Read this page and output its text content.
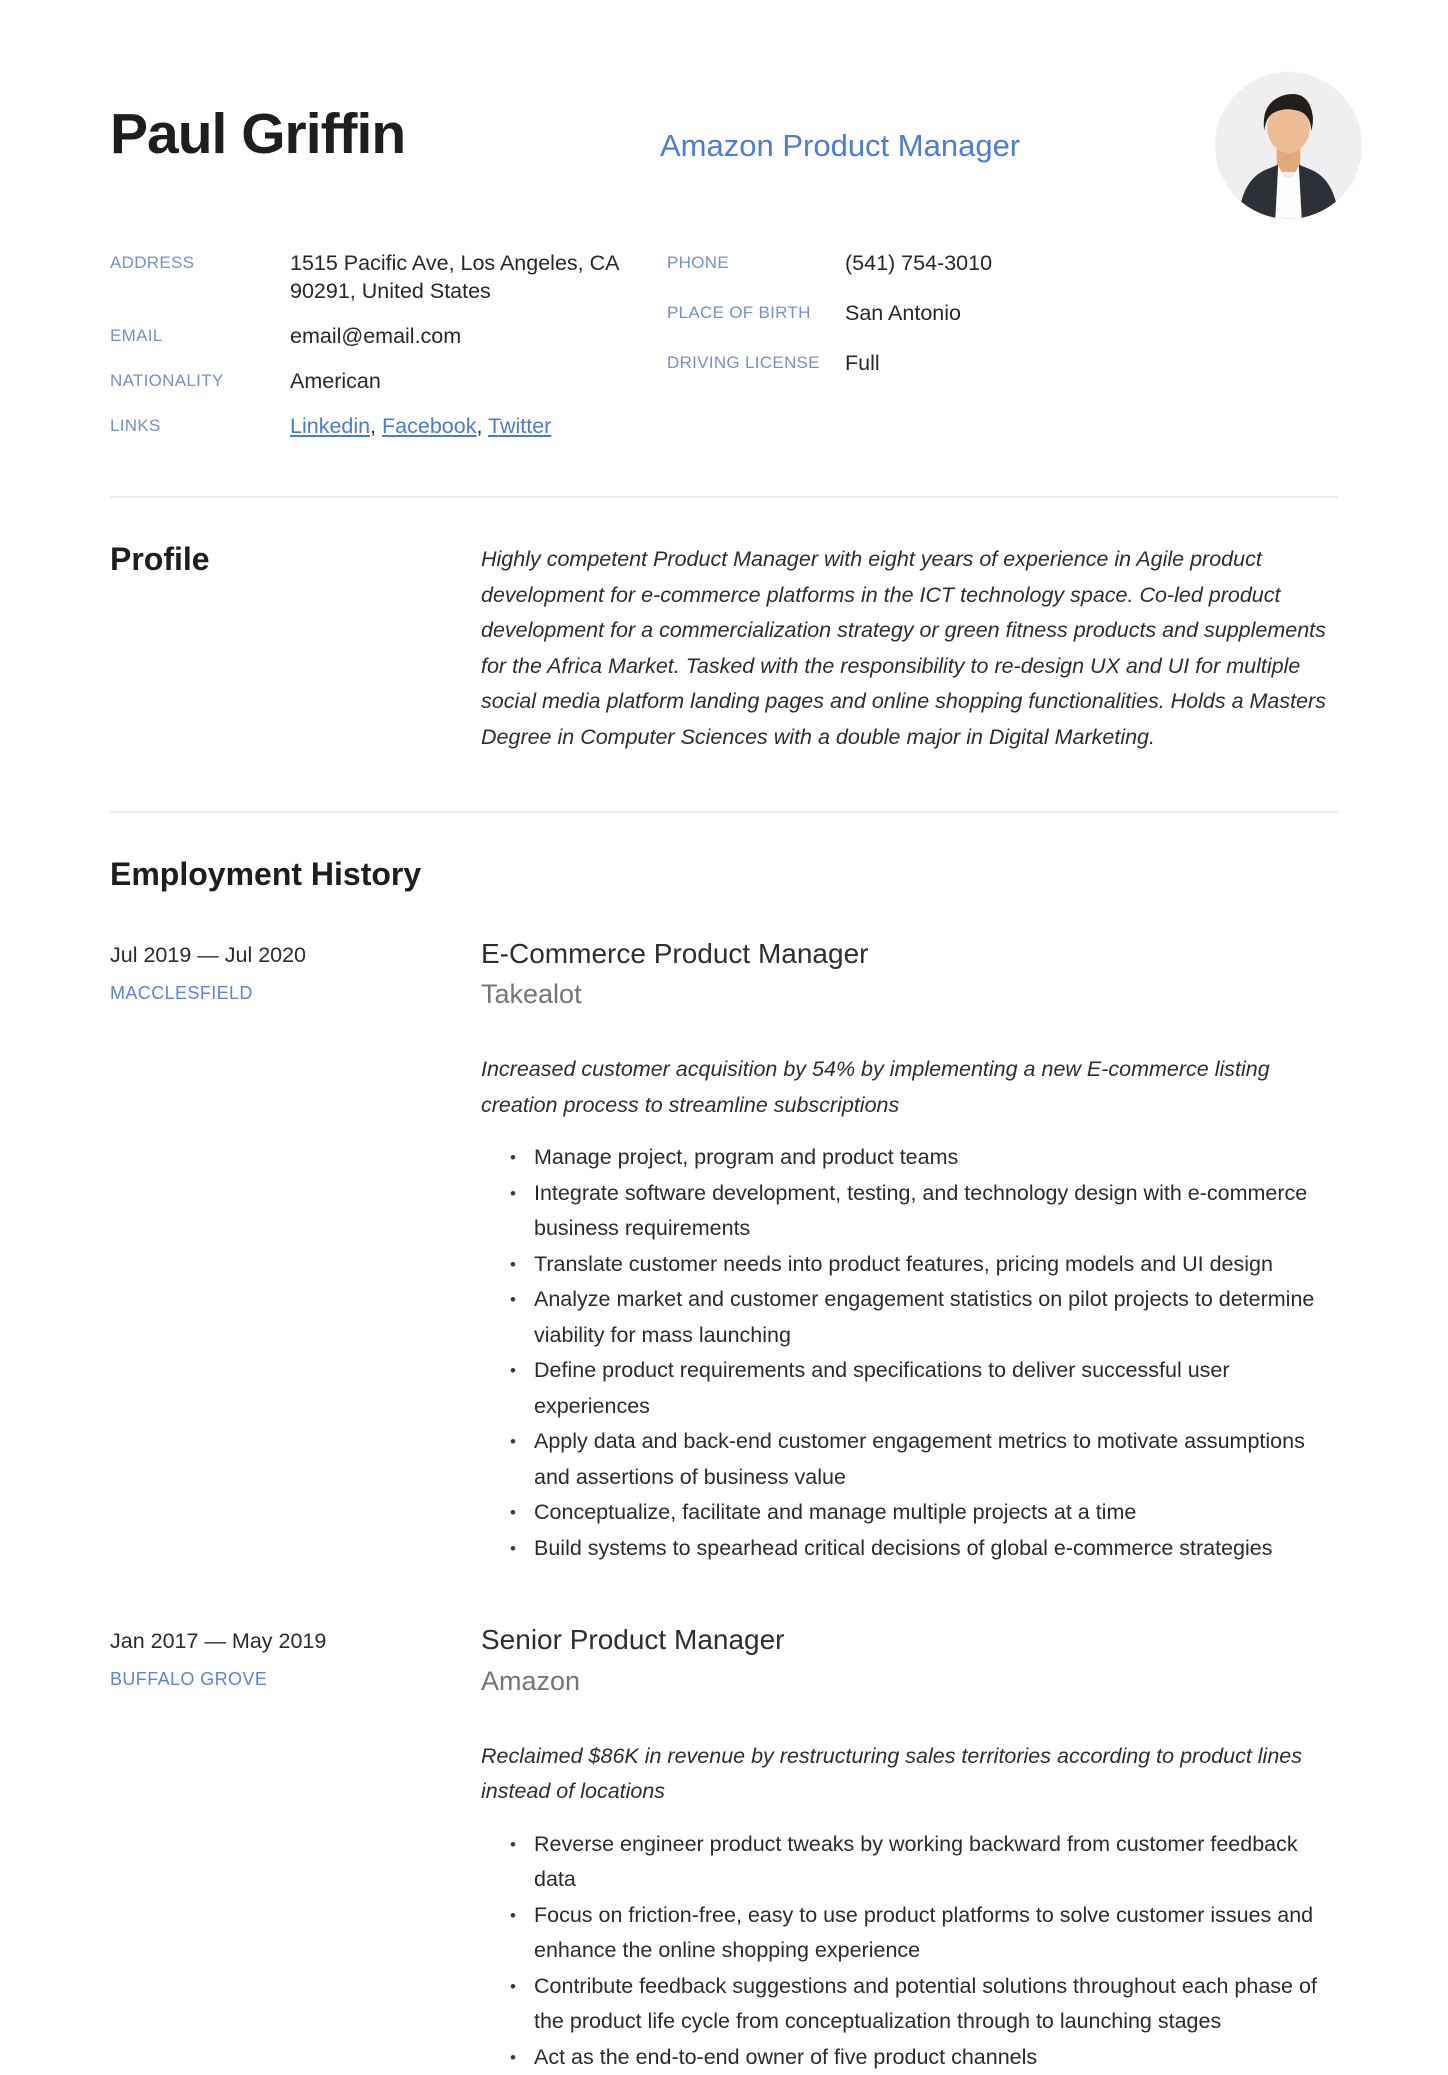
Paul Griffin	Amazon Product Manager
ADDRESS	1515 Pacific Ave, Los Angeles, CA 90291, United States
EMAIL	email@email.com
NATIONALITY	American
LINKS	Linkedin, Facebook, Twitter
PHONE	(541) 754-3010
PLACE OF BIRTH	San Antonio
DRIVING LICENSE	Full
Profile	Highly competent Product Manager with eight years of experience in Agile product development for e-commerce platforms in the ICT technology space. Co-led product development for a commercialization strategy or green fitness products and supplements for the Africa Market. Tasked with the responsibility to re-design UX and UI for multiple social media platform landing pages and online shopping functionalities. Holds a Masters Degree in Computer Sciences with a double major in Digital Marketing.

Employment History
Jul 2019 — Jul 2020
MACCLESFIELD
E-Commerce Product Manager
Takealot

Increased customer acquisition by 54% by implementing a new E-commerce listing creation process to streamline subscriptions

• Manage project, program and product teams
• Integrate software development, testing, and technology design with e-commerce business requirements
• Translate customer needs into product features, pricing models and UI design
• Analyze market and customer engagement statistics on pilot projects to determine viability for mass launching
• Define product requirements and specifications to deliver successful user experiences
• Apply data and back-end customer engagement metrics to motivate assumptions and assertions of business value
• Conceptualize, facilitate and manage multiple projects at a time
• Build systems to spearhead critical decisions of global e-commerce strategies
Jan 2017 — May 2019
BUFFALO GROVE
Senior Product Manager
Amazon

Reclaimed $86K in revenue by restructuring sales territories according to product lines instead of locations

• Reverse engineer product tweaks by working backward from customer feedback data
• Focus on friction-free, easy to use product platforms to solve customer issues and enhance the online shopping experience
• Contribute feedback suggestions and potential solutions throughout each phase of the product life cycle from conceptualization through to launching stages
• Act as the end-to-end owner of five product channels
